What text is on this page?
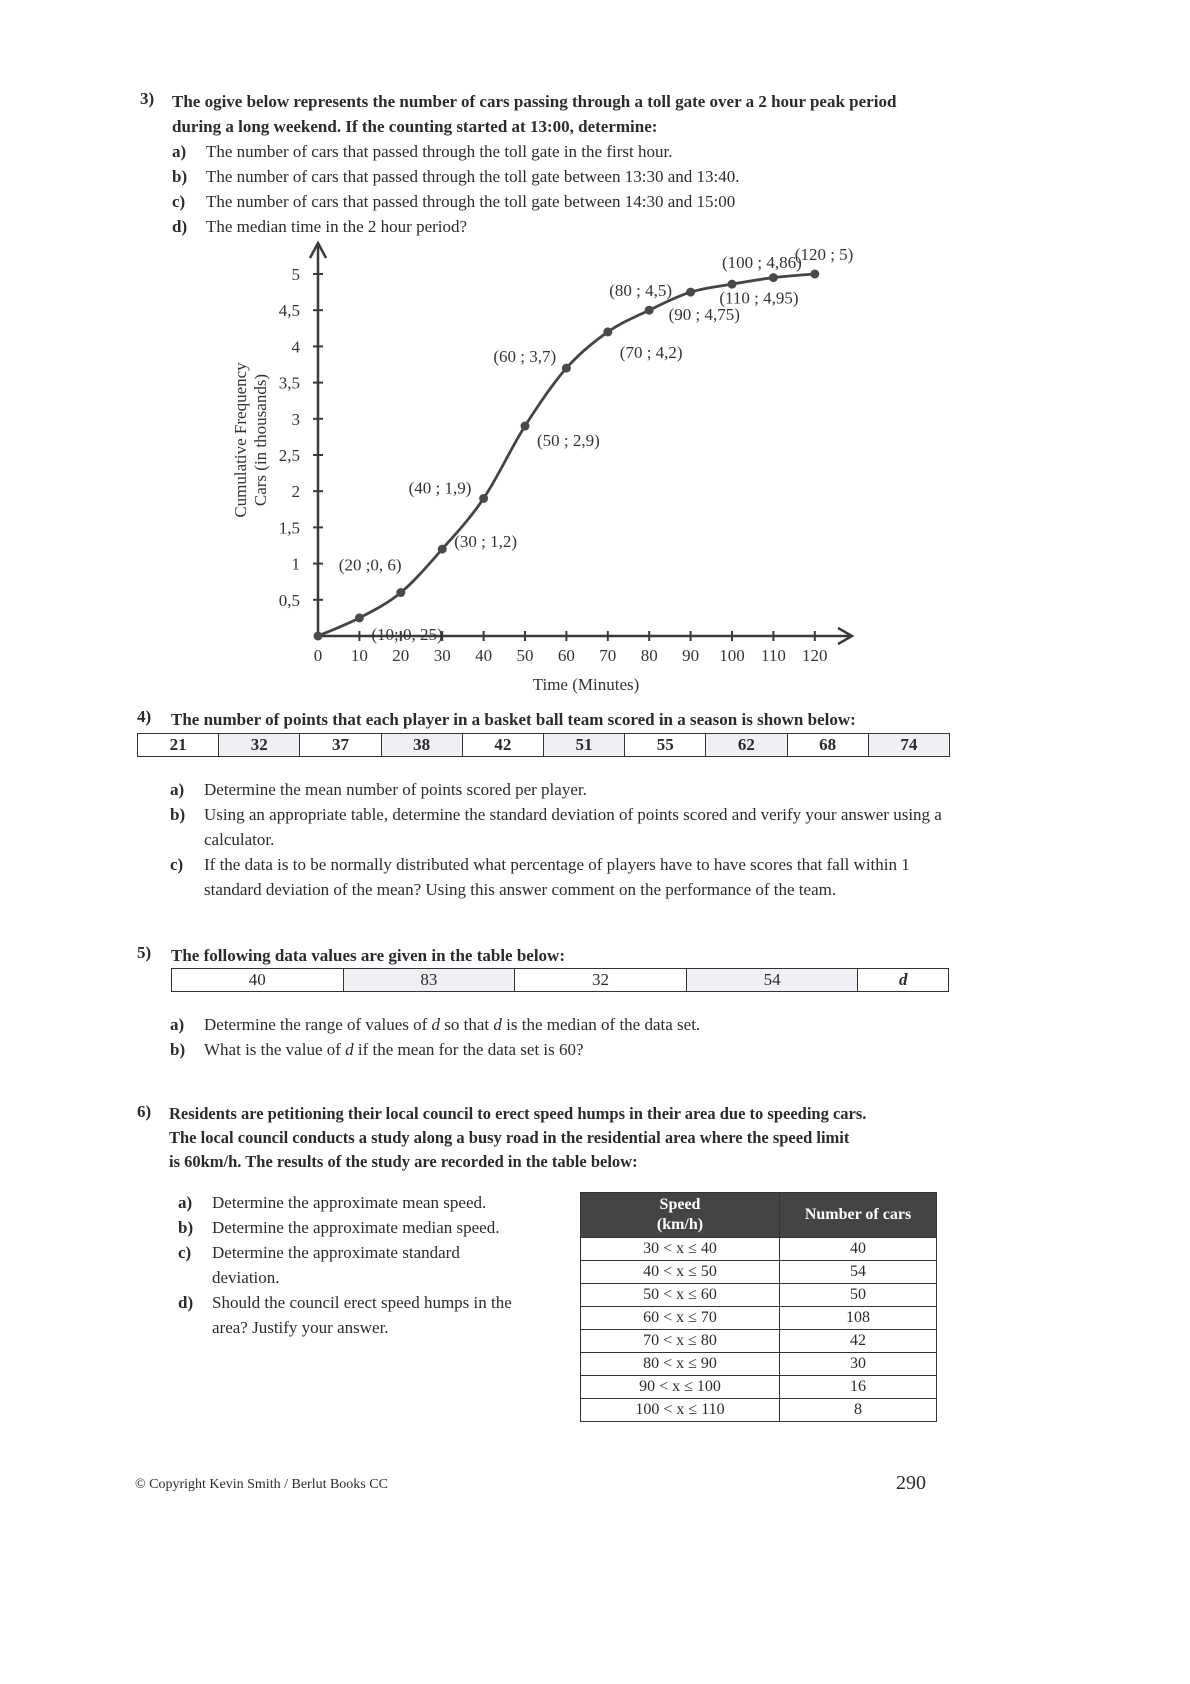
3) The ogive below represents the number of cars passing through a toll gate over a 2 hour peak period
during a long weekend. If the counting started at 13:00, determine:
a) The number of cars that passed through the toll gate in the first hour.
b) The number of cars that passed through the toll gate between 13:30 and 13:40.
c) The number of cars that passed through the toll gate between 14:30 and 15:00
d) The median time in the 2 hour period?
0,5
1
1,5
2
2,5
3
3,5
4
4,5
5
0 10 20 30 40 50 60 70 80 90 100 110 120
(10; 0, 25)
(20 ;0, 6)
(30 ; 1,2)
(40 ; 1,9)
(50 ; 2,9)
(60 ; 3,7)	(70 ; 4,2)
(80 ; 4,5)
(90 ; 4,75)
(100 ; 4,86)
(110 ; 4,95)
(120 ; 5)
Time (Minutes)
Cumulative Frequency Cars (in thousands)
4) The number of points that each player in a basket ball team scored in a season is shown below:
21	32	37	38	42	51	55	62	68	74
a) Determine the mean number of points scored per player.
b) Using an appropriate table, determine the standard deviation of points scored and verify your answer using a calculator.
c) If the data is to be normally distributed what percentage of players have to have scores that fall within 1 standard deviation of the mean? Using this answer comment on the performance of the team.
5) The following data values are given in the table below:
40	83	32	54	d
a) Determine the range of values of d so that d is the median of the data set.
b) What is the value of d if the mean for the data set is 60?
6) Residents are petitioning their local council to erect speed humps in their area due to speeding cars.
The local council conducts a study along a busy road in the residential area where the speed limit
is 60km/h. The results of the study are recorded in the table below:
a) Determine the approximate mean speed.
b) Determine the approximate median speed.
c) Determine the approximate standard deviation.
d) Should the council erect speed humps in the area? Justify your answer.
Speed
(km/h)	Number of cars
30 < x ≤ 40	40
40 < x ≤ 50	54
50 < x ≤ 60	50
60 < x ≤ 70	108
70 < x ≤ 80	42
80 < x ≤ 90	30
90 < x ≤ 100	16
100 < x ≤ 110	8
© Copyright Kevin Smith / Berlut Books CC	290
